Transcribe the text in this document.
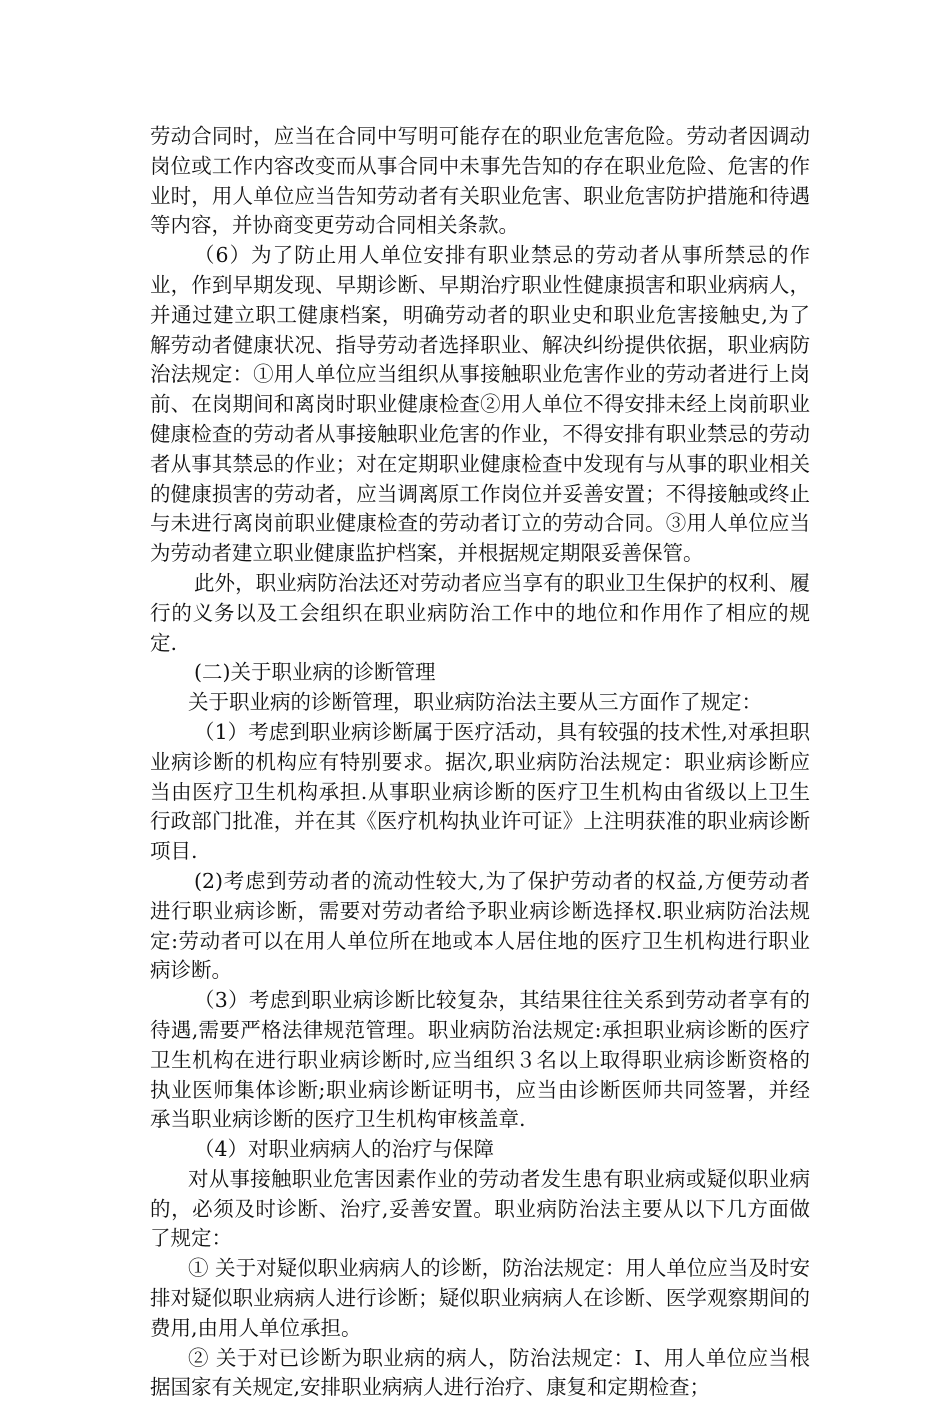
劳动合同时，应当在合同中写明可能存在的职业危害危险。劳动者因调动岗位或工作内容改变而从事合同中未事先告知的存在职业危险、危害的作业时，用人单位应当告知劳动者有关职业危害、职业危害防护措施和待遇等内容，并协商变更劳动合同相关条款。

（6）为了防止用人单位安排有职业禁忌的劳动者从事所禁忌的作业，作到早期发现、早期诊断、早期治疗职业性健康损害和职业病病人，并通过建立职工健康档案，明确劳动者的职业史和职业危害接触史,为了解劳动者健康状况、指导劳动者选择职业、解决纠纷提供依据，职业病防治法规定：①用人单位应当组织从事接触职业危害作业的劳动者进行上岗前、在岗期间和离岗时职业健康检查②用人单位不得安排未经上岗前职业健康检查的劳动者从事接触职业危害的作业，不得安排有职业禁忌的劳动者从事其禁忌的作业；对在定期职业健康检查中发现有与从事的职业相关的健康损害的劳动者，应当调离原工作岗位并妥善安置；不得接触或终止与未进行离岗前职业健康检查的劳动者订立的劳动合同。③用人单位应当为劳动者建立职业健康监护档案，并根据规定期限妥善保管。

此外，职业病防治法还对劳动者应当享有的职业卫生保护的权利、履行的义务以及工会组织在职业病防治工作中的地位和作用作了相应的规定.

(二)关于职业病的诊断管理

关于职业病的诊断管理，职业病防治法主要从三方面作了规定：

（1）考虑到职业病诊断属于医疗活动，具有较强的技术性,对承担职业病诊断的机构应有特别要求。据次,职业病防治法规定：职业病诊断应当由医疗卫生机构承担.从事职业病诊断的医疗卫生机构由省级以上卫生行政部门批准，并在其《医疗机构执业许可证》上注明获准的职业病诊断项目.

(2)考虑到劳动者的流动性较大,为了保护劳动者的权益,方便劳动者进行职业病诊断，需要对劳动者给予职业病诊断选择权.职业病防治法规定:劳动者可以在用人单位所在地或本人居住地的医疗卫生机构进行职业病诊断。

（3）考虑到职业病诊断比较复杂，其结果往往关系到劳动者享有的待遇,需要严格法律规范管理。职业病防治法规定:承担职业病诊断的医疗卫生机构在进行职业病诊断时,应当组织３名以上取得职业病诊断资格的执业医师集体诊断;职业病诊断证明书，应当由诊断医师共同签署，并经承当职业病诊断的医疗卫生机构审核盖章.

（4）对职业病病人的治疗与保障

对从事接触职业危害因素作业的劳动者发生患有职业病或疑似职业病的，必须及时诊断、治疗,妥善安置。职业病防治法主要从以下几方面做了规定：

① 关于对疑似职业病病人的诊断，防治法规定：用人单位应当及时安排对疑似职业病病人进行诊断；疑似职业病病人在诊断、医学观察期间的费用,由用人单位承担。

② 关于对已诊断为职业病的病人，防治法规定：Ⅰ、用人单位应当根据国家有关规定,安排职业病病人进行治疗、康复和定期检查；
